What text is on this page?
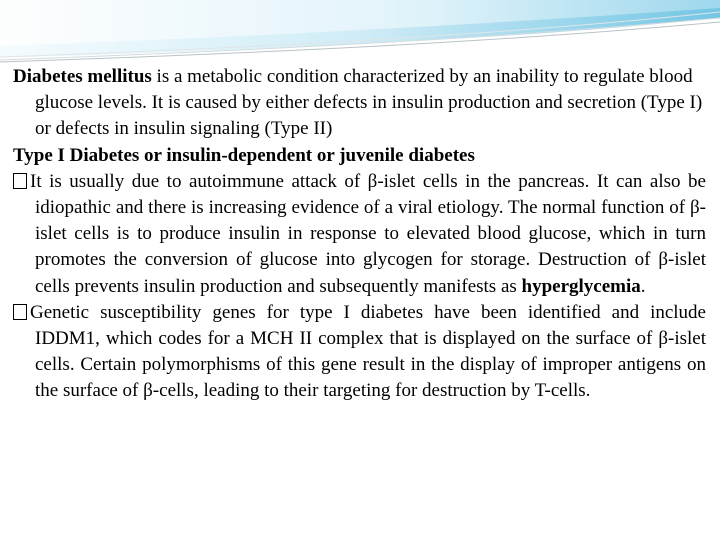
Diabetes mellitus is a metabolic condition characterized by an inability to regulate blood glucose levels. It is caused by either defects in insulin production and secretion (Type I) or defects in insulin signaling (Type II)

Type I Diabetes or insulin-dependent or juvenile diabetes

?It is usually due to autoimmune attack of β-islet cells in the pancreas. It can also be idiopathic and there is increasing evidence of a viral etiology. The normal function of β-islet cells is to produce insulin in response to elevated blood glucose, which in turn promotes the conversion of glucose into glycogen for storage. Destruction of β-islet cells prevents insulin production and subsequently manifests as hyperglycemia.

?Genetic susceptibility genes for type I diabetes have been identified and include IDDM1, which codes for a MCH II complex that is displayed on the surface of β-islet cells. Certain polymorphisms of this gene result in the display of improper antigens on the surface of β-cells, leading to their targeting for destruction by T-cells.
